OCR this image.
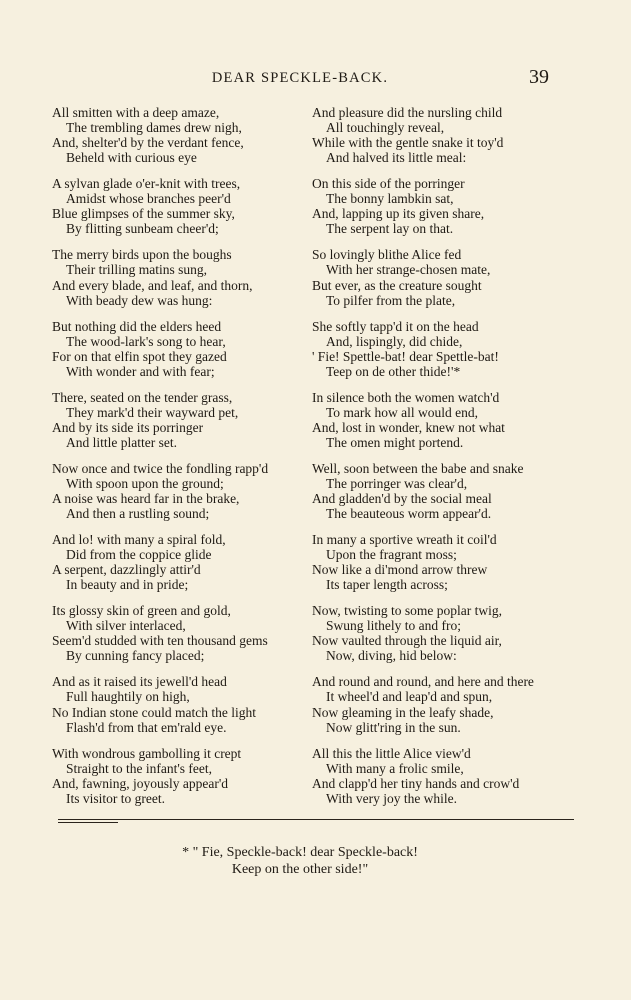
DEAR SPECKLE-BACK.	39
All smitten with a deep amaze,
The trembling dames drew nigh,
And, shelter'd by the verdant fence,
Beheld with curious eye
A sylvan glade o'er-knit with trees,
Amidst whose branches peer'd
Blue glimpses of the summer sky,
By flitting sunbeam cheer'd;
The merry birds upon the boughs
Their trilling matins sung,
And every blade, and leaf, and thorn,
With beady dew was hung:
But nothing did the elders heed
The wood-lark's song to hear,
For on that elfin spot they gazed
With wonder and with fear;
There, seated on the tender grass,
They mark'd their wayward pet,
And by its side its porringer
And little platter set.
Now once and twice the fondling rapp'd
With spoon upon the ground;
A noise was heard far in the brake,
And then a rustling sound;
And lo! with many a spiral fold,
Did from the coppice glide
A serpent, dazzlingly attir'd
In beauty and in pride;
Its glossy skin of green and gold,
With silver interlaced,
Seem'd studded with ten thousand gems
By cunning fancy placed;
And as it raised its jewell'd head
Full haughtily on high,
No Indian stone could match the light
Flash'd from that em'rald eye.
With wondrous gambolling it crept
Straight to the infant's feet,
And, fawning, joyously appear'd
Its visitor to greet.
And pleasure did the nursling child
All touchingly reveal,
While with the gentle snake it toy'd
And halved its little meal:
On this side of the porringer
The bonny lambkin sat,
And, lapping up its given share,
The serpent lay on that.
So lovingly blithe Alice fed
With her strange-chosen mate,
But ever, as the creature sought
To pilfer from the plate,
She softly tapp'd it on the head
And, lispingly, did chide,
' Fie! Spettle-bat! dear Spettle-bat!
Teep on de other thide!'*
In silence both the women watch'd
To mark how all would end,
And, lost in wonder, knew not what
The omen might portend.
Well, soon between the babe and snake
The porringer was clear'd,
And gladden'd by the social meal
The beauteous worm appear'd.
In many a sportive wreath it coil'd
Upon the fragrant moss;
Now like a di'mond arrow threw
Its taper length across;
Now, twisting to some poplar twig,
Swung lithely to and fro;
Now vaulted through the liquid air,
Now, diving, hid below:
And round and round, and here and there
It wheel'd and leap'd and spun,
Now gleaming in the leafy shade,
Now glitt'ring in the sun.
All this the little Alice view'd
With many a frolic smile,
And clapp'd her tiny hands and crow'd
With very joy the while.
* " Fie, Speckle-back! dear Speckle-back!
Keep on the other side!"
